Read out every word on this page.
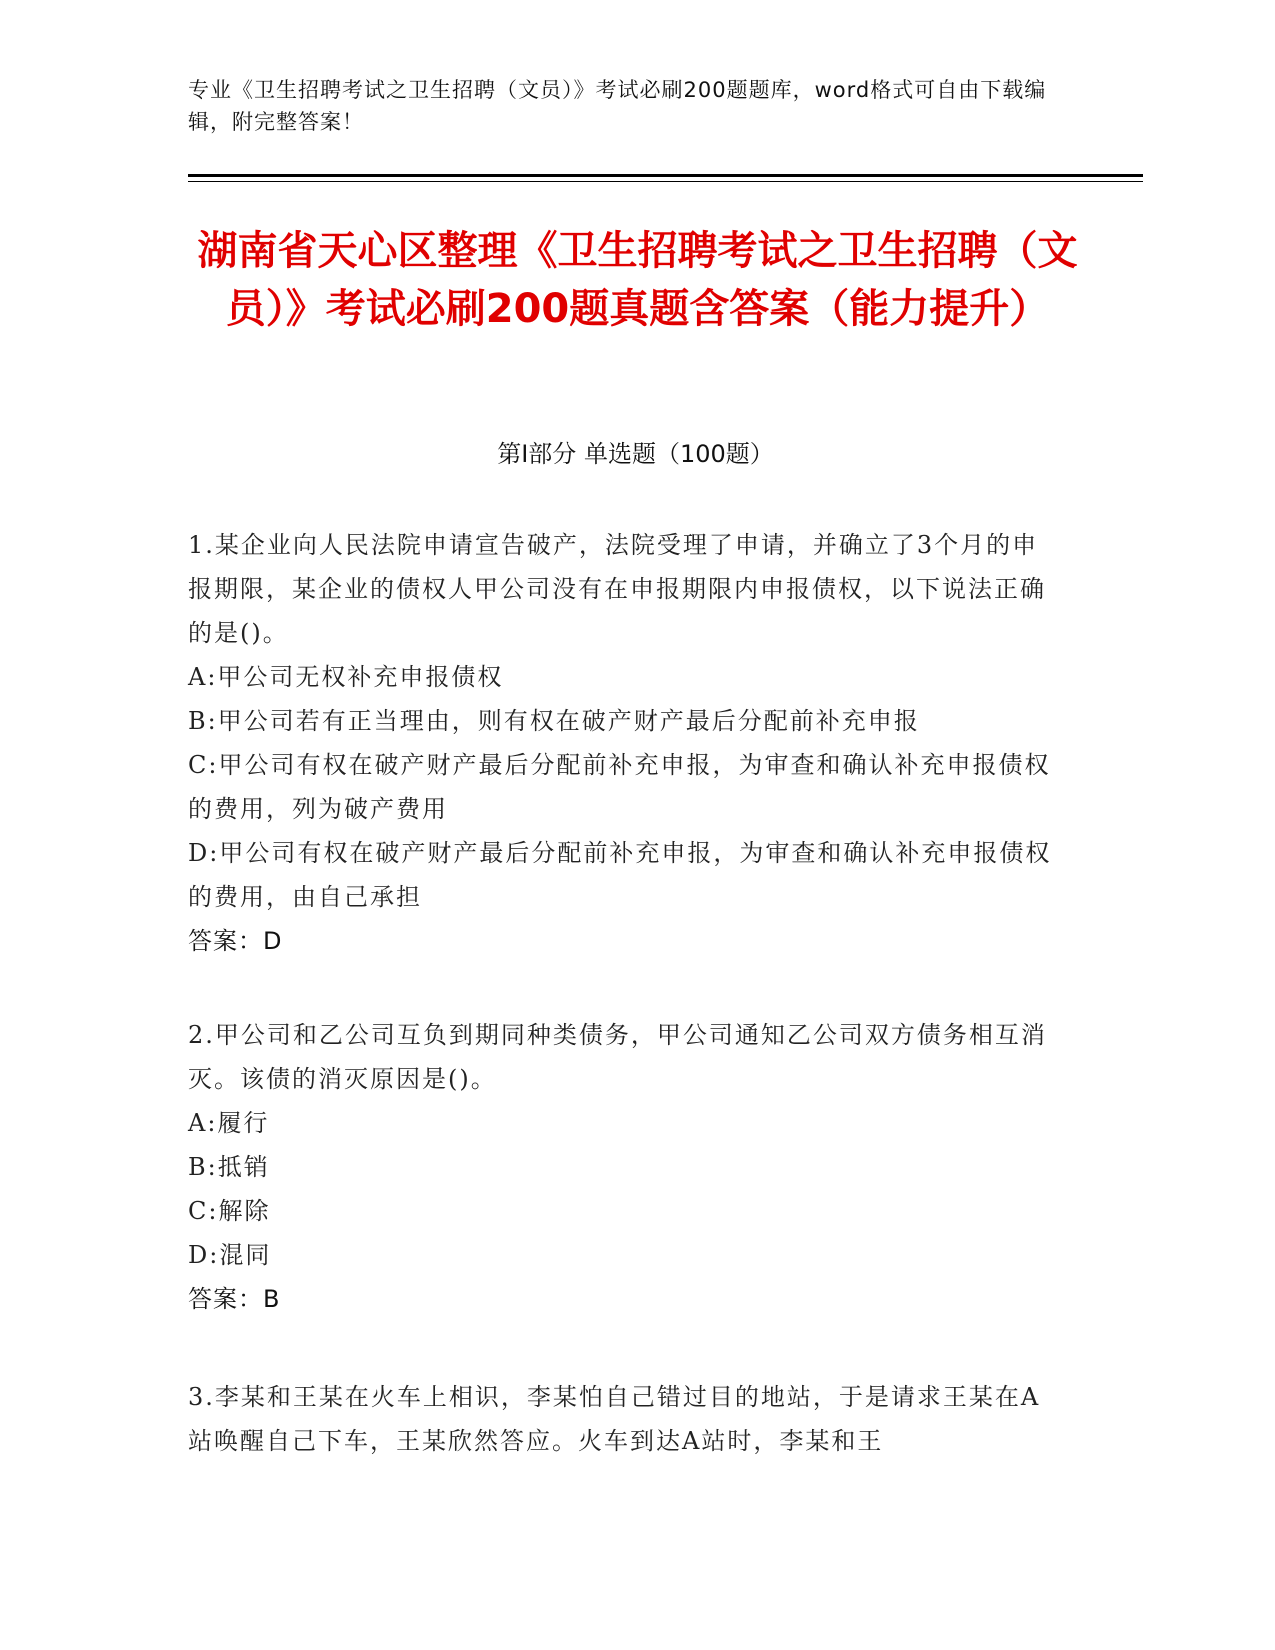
专业《卫生招聘考试之卫生招聘（文员）》考试必刷200题题库，word格式可自由下载编辑，附完整答案！
湖南省天心区整理《卫生招聘考试之卫生招聘（文员）》考试必刷200题真题含答案（能力提升）
第Ⅰ部分 单选题（100题）
1.某企业向人民法院申请宣告破产，法院受理了申请，并确立了3个月的申报期限，某企业的债权人甲公司没有在申报期限内申报债权，以下说法正确的是()。
A:甲公司无权补充申报债权
B:甲公司若有正当理由，则有权在破产财产最后分配前补充申报
C:甲公司有权在破产财产最后分配前补充申报，为审查和确认补充申报债权的费用，列为破产费用
D:甲公司有权在破产财产最后分配前补充申报，为审查和确认补充申报债权的费用，由自己承担
答案：D
2.甲公司和乙公司互负到期同种类债务，甲公司通知乙公司双方债务相互消灭。该债的消灭原因是()。
A:履行
B:抵销
C:解除
D:混同
答案：B
3.李某和王某在火车上相识，李某怕自己错过目的地站，于是请求王某在A站唤醒自己下车，王某欣然答应。火车到达A站时，李某和王
